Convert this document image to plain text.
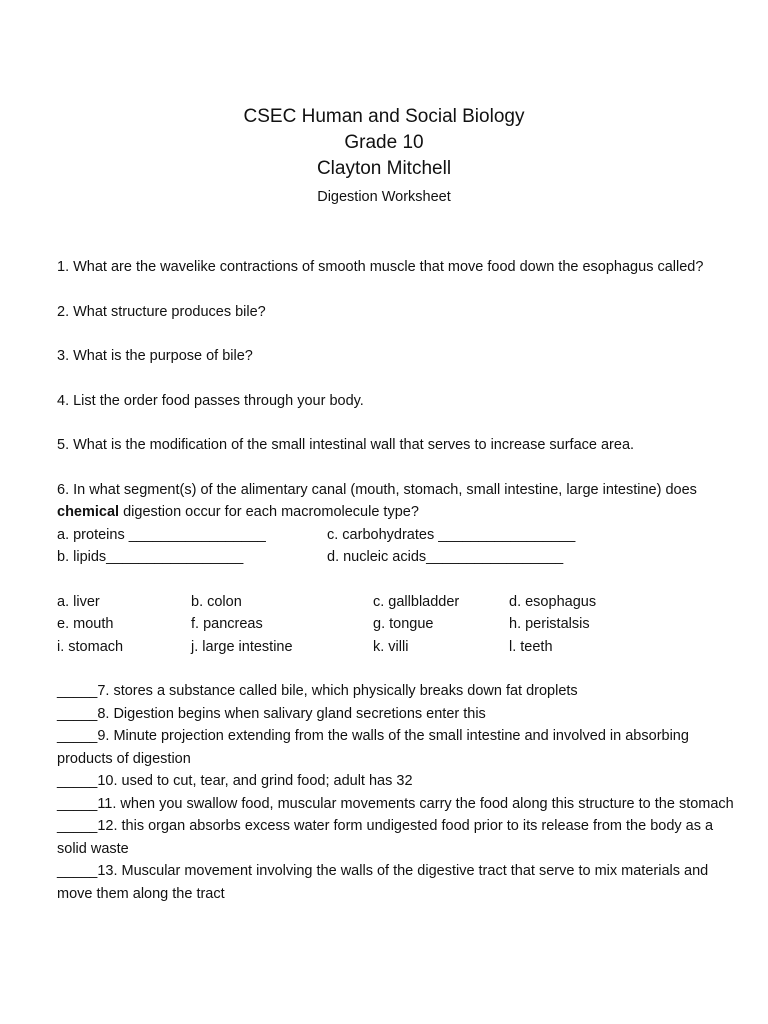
CSEC Human and Social Biology
Grade 10
Clayton Mitchell
Digestion Worksheet

1. What are the wavelike contractions of smooth muscle that move food down the esophagus called?

2. What structure produces bile?

3. What is the purpose of bile?

4. List the order food passes through your body.

5. What is the modification of the small intestinal wall that serves to increase surface area.

6. In what segment(s) of the alimentary canal (mouth, stomach, small intestine, large intestine) does chemical digestion occur for each macromolecule type?

a. proteins _________________	c. carbohydrates _________________
b. lipids_________________	d. nucleic acids_________________
a. liver	b. colon	c. gallbladder	d. esophagus
e. mouth	f. pancreas	g. tongue	h. peristalsis
i. stomach	j. large intestine	k. villi	l. teeth

_____7. stores a substance called bile, which physically breaks down fat droplets

_____8. Digestion begins when salivary gland secretions enter this

_____9. Minute projection extending from the walls of the small intestine and involved in absorbing products of digestion

_____10. used to cut, tear, and grind food; adult has 32

_____11. when you swallow food, muscular movements carry the food along this structure to the stomach

_____12. this organ absorbs excess water form undigested food prior to its release from the body as a solid waste

_____13. Muscular movement involving the walls of the digestive tract that serve to mix materials and move them along the tract
